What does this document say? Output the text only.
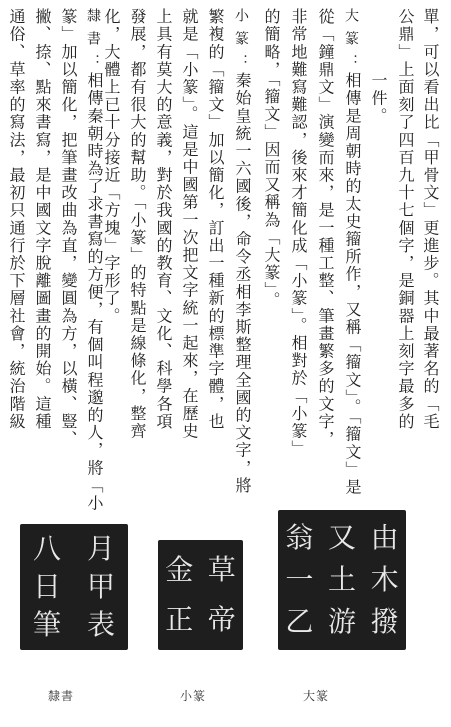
大篆：
小篆：
隸書：	單，可以看出比「甲骨文」更進步。其中最著名的「毛
公鼎」上面刻了四百九十七個字，是銅器上刻字最多的
一件。
相傳是周朝時的太史籀所作，又稱「籀文」。「籀文」是
從「鐘鼎文」演變而來，是一種工整、筆畫繁多的文字，
非常地難寫難認，後來才簡化成「小篆」。相對於「小篆」
的簡略，「籀文」因而又稱為「大篆」。
秦始皇統一六國後，命令丞相李斯整理全國的文字，將
繁複的「籀文」加以簡化，訂出一種新的標準字體，也
就是「小篆」。這是中國第一次把文字統一起來，在歷史
上具有莫大的意義，對於我國的教育、文化、科學各項
發展，都有很大的幫助。「小篆」的特點是線條化，整齊
化，大體上已十分接近「方塊」字形了。
相傳秦朝時為了求書寫的方便，有個叫程邈的人，將「小
篆」加以簡化，把筆畫改曲為直，變圓為方，以橫、豎、
撇、捺、點來書寫，是中國文字脫離圖畫的開始。這種
通俗、草率的寫法，最初只通行於下層社會，統治階級
月
甲
表
八
日
筆
草
帝
金
正
由
木
撥
又
土
游
翁
一
乙
隸書	小篆	大篆
